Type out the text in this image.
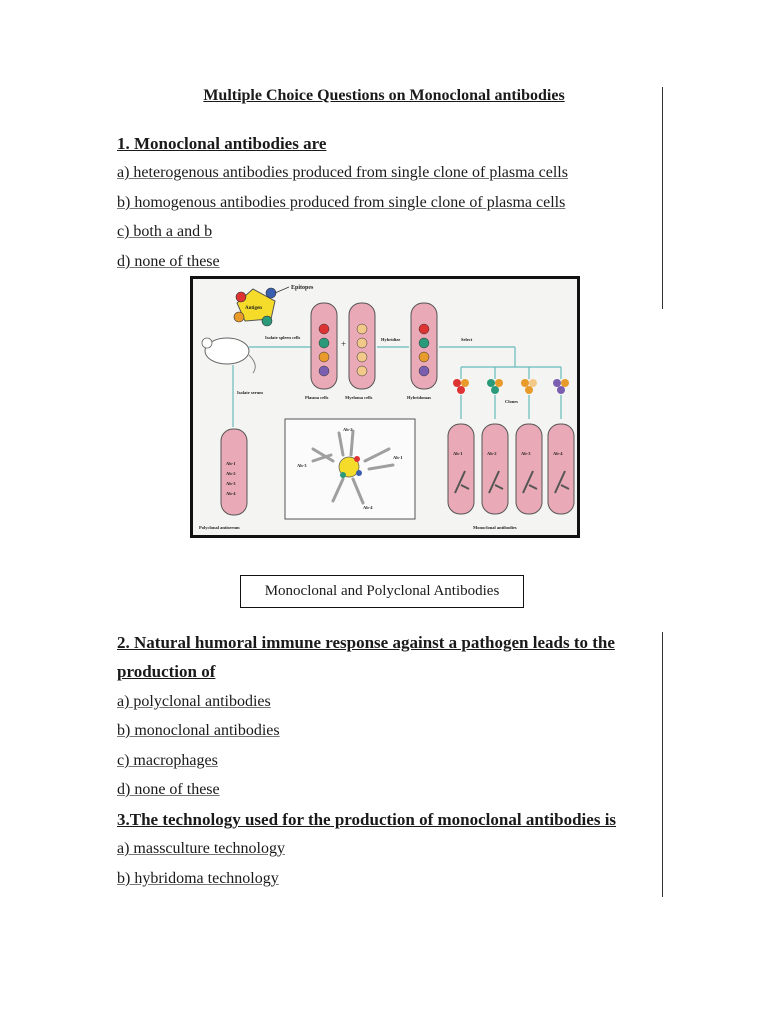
Multiple Choice Questions on Monoclonal antibodies
1. Monoclonal antibodies are
a) heterogenous antibodies produced from single clone of plasma cells
b) homogenous antibodies produced from single clone of plasma cells
c) both a and b
d) none of these
Antigen
Epitopes
Isolate spleen cells
Isolate serum
Plasma cells
+
Myeloma cells
Hybridize
Hybridomas
Select
Clones
Ab-1
Ab-2
Ab-3
Ab-4
Polyclonal antiserum
Ab-2
Ab-1
Ab-3
Ab-4
Ab-1	Ab-2	Ab-3	Ab-4
Monoclonal antibodies
Monoclonal and Polyclonal Antibodies
2. Natural humoral immune response against a pathogen leads to the
production of
a) polyclonal antibodies
b) monoclonal antibodies
c) macrophages
d) none of these
3.The technology used for the production of monoclonal antibodies is
a) massculture technology
b) hybridoma technology
